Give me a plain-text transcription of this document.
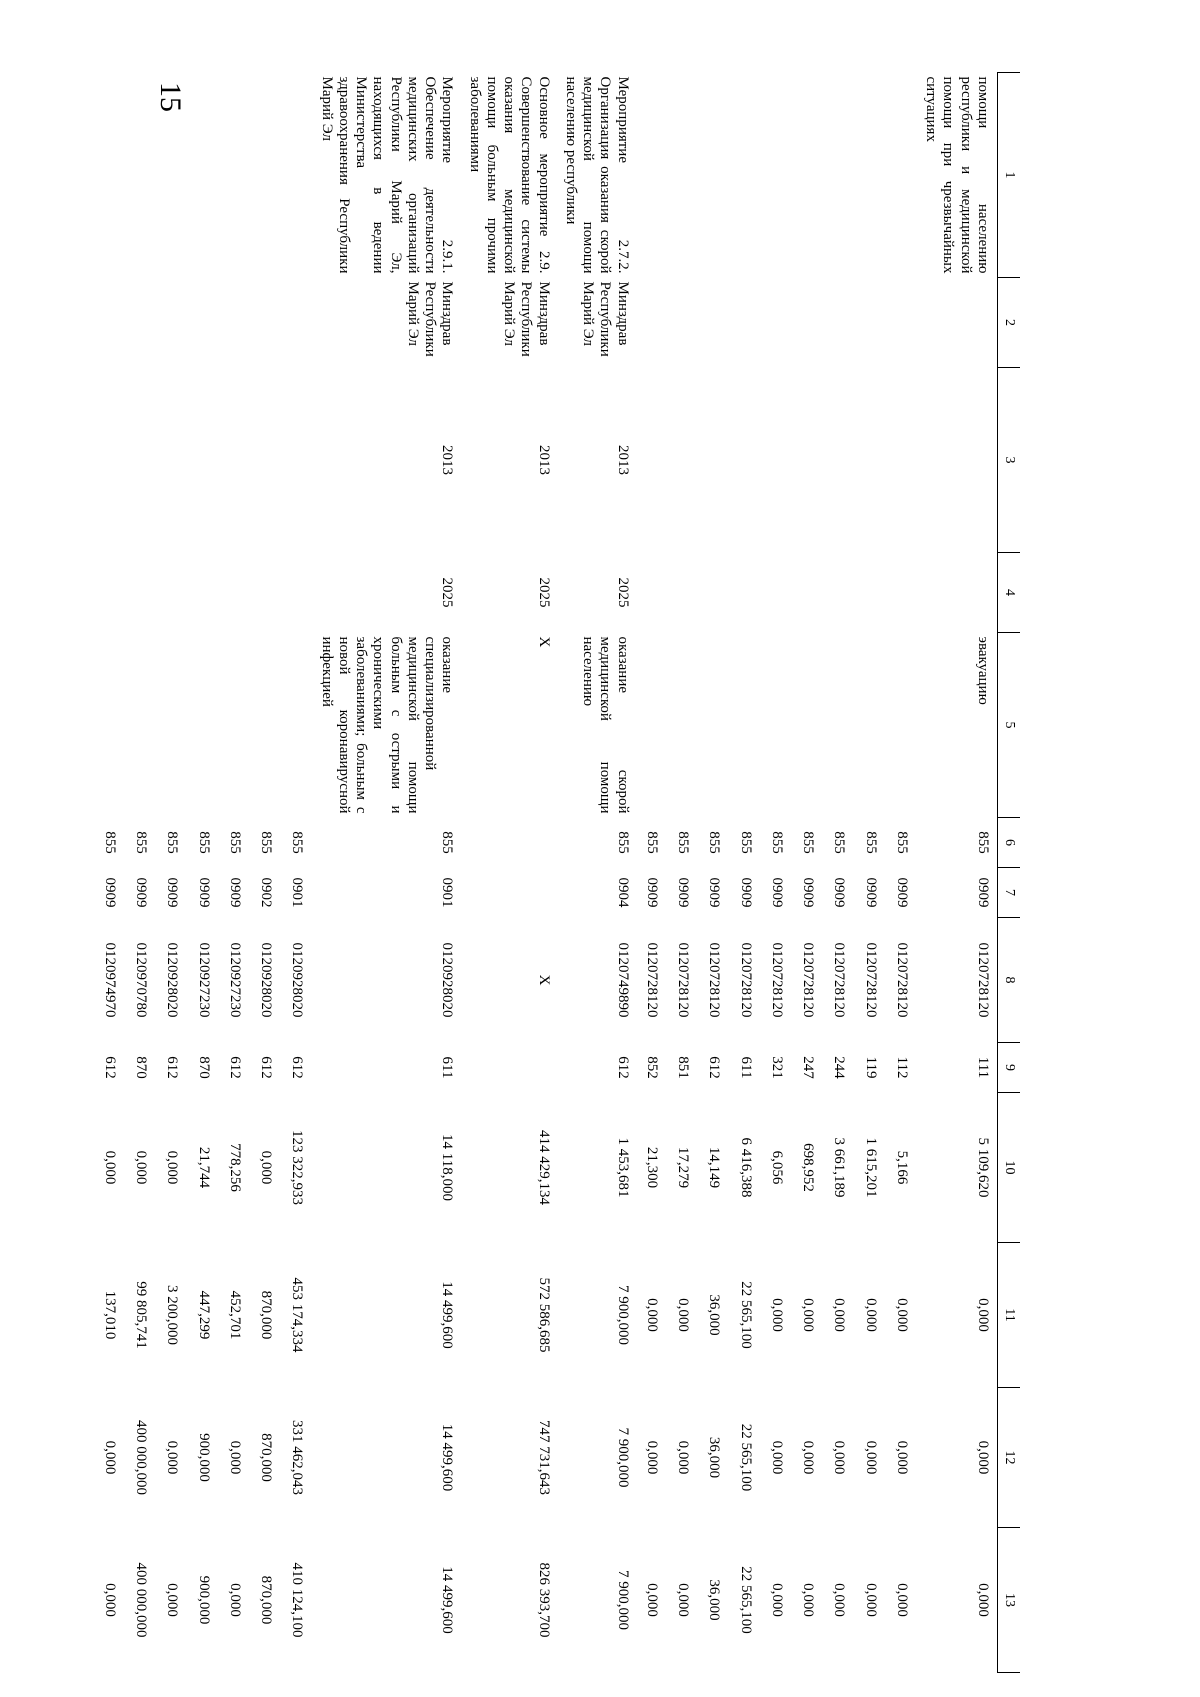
15
1	2	3	4	5	6	7	8	9	10	11	12	13
помощи населению республики и медицинской помощи при чрезвычайных ситуациях				эвакуацию	855	0909	0120728120	111	5 109,620	0,000	0,000	0,000
					855	0909	0120728120	112	5,166	0,000	0,000	0,000
					855	0909	0120728120	119	1 615,201	0,000	0,000	0,000
					855	0909	0120728120	244	3 661,189	0,000	0,000	0,000
					855	0909	0120728120	247	698,952	0,000	0,000	0,000
					855	0909	0120728120	321	6,056	0,000	0,000	0,000
					855	0909	0120728120	611	6 416,388	22 565,100	22 565,100	22 565,100
					855	0909	0120728120	612	14,149	36,000	36,000	36,000
					855	0909	0120728120	851	17,279	0,000	0,000	0,000
					855	0909	0120728120	852	21,300	0,000	0,000	0,000
Мероприятие 2.7.2. Организация оказания скорой медицинской помощи населению республики	Минздрав Республики Марий Эл	2013	2025	оказание скорой медицинской помощи населению	855	0904	0120749890	612	1 453,681	7 900,000	7 900,000	7 900,000
Основное мероприятие 2.9. Совершенствование системы оказания медицинской помощи больным прочими заболеваниями	Минздрав Республики Марий Эл	2013	2025	Х			Х		414 429,134	572 586,685	747 731,643	826 393,700
Мероприятие 2.9.1. Обеспечение деятельности медицинских организаций Республики Марий Эл, находящихся в ведении Министерства здравоохранения Республики Марий Эл	Минздрав Республики Марий Эл	2013	2025	оказание специализированной медицинской помощи больным с острыми и хроническими заболеваниями; больным с новой коронавирусной инфекцией	855	0901	0120928020	611	14 118,000	14 499,600	14 499,600	14 499,600
					855	0901	0120928020	612	123 322,933	453 174,334	331 462,043	410 124,100
					855	0902	0120928020	612	0,000	870,000	870,000	870,000
					855	0909	0120927230	612	778,256	452,701	0,000	0,000
					855	0909	0120927230	870	21,744	447,299	900,000	900,000
					855	0909	0120928020	612	0,000	3 200,000	0,000	0,000
					855	0909	0120970780	870	0,000	99 805,741	400 000,000	400 000,000
					855	0909	0120974970	612	0,000	137,010	0,000	0,000
